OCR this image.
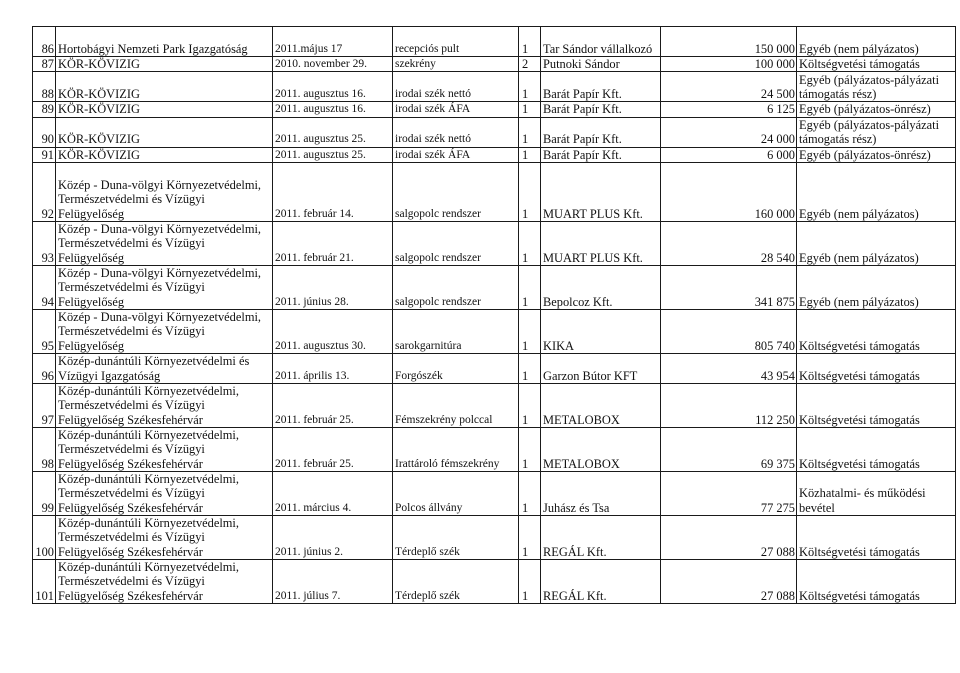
86	Hortobágyi Nemzeti Park Igazgatóság	2011.május 17	recepciós pult	1	Tar Sándor vállalkozó	150 000	Egyéb (nem pályázatos)
87	KÖR-KÖVIZIG	2010. november 29.	szekrény	2	Putnoki Sándor	100 000	Költségvetési támogatás
88	KÖR-KÖVIZIG	2011. augusztus 16.	irodai szék nettó	1	Barát Papír Kft.	24 500	Egyéb (pályázatos-pályázati támogatás rész)
89	KÖR-KÖVIZIG	2011. augusztus 16.	irodai szék ÁFA	1	Barát Papír Kft.	6 125	Egyéb (pályázatos-önrész)
90	KÖR-KÖVIZIG	2011. augusztus 25.	irodai szék nettó	1	Barát Papír Kft.	24 000	Egyéb (pályázatos-pályázati támogatás rész)
91	KÖR-KÖVIZIG	2011. augusztus 25.	irodai szék ÁFA	1	Barát Papír Kft.	6 000	Egyéb (pályázatos-önrész)
92	Közép - Duna-völgyi Környezetvédelmi, Természetvédelmi és Vízügyi Felügyelőség	2011. február 14.	salgopolc rendszer	1	MUART PLUS Kft.	160 000	Egyéb (nem pályázatos)
93	Közép - Duna-völgyi Környezetvédelmi, Természetvédelmi és Vízügyi Felügyelőség	2011. február 21.	salgopolc rendszer	1	MUART PLUS Kft.	28 540	Egyéb (nem pályázatos)
94	Közép - Duna-völgyi Környezetvédelmi, Természetvédelmi és Vízügyi Felügyelőség	2011. június 28.	salgopolc rendszer	1	Bepolcoz Kft.	341 875	Egyéb (nem pályázatos)
95	Közép - Duna-völgyi Környezetvédelmi, Természetvédelmi és Vízügyi Felügyelőség	2011. augusztus 30.	sarokgarnitúra	1	KIKA	805 740	Költségvetési támogatás
96	Közép-dunántúli Környezetvédelmi és Vízügyi Igazgatóság	2011. április 13.	Forgószék	1	Garzon Bútor KFT	43 954	Költségvetési támogatás
97	Közép-dunántúli Környezetvédelmi, Természetvédelmi és Vízügyi Felügyelőség Székesfehérvár	2011. február 25.	Fémszekrény polccal	1	METALOBOX	112 250	Költségvetési támogatás
98	Közép-dunántúli Környezetvédelmi, Természetvédelmi és Vízügyi Felügyelőség Székesfehérvár	2011. február 25.	Irattároló fémszekrény	1	METALOBOX	69 375	Költségvetési támogatás
99	Közép-dunántúli Környezetvédelmi, Természetvédelmi és Vízügyi Felügyelőség Székesfehérvár	2011. március 4.	Polcos állvány	1	Juhász és Tsa	77 275	Közhatalmi- és működési bevétel
100	Közép-dunántúli Környezetvédelmi, Természetvédelmi és Vízügyi Felügyelőség Székesfehérvár	2011. június 2.	Térdeplő szék	1	REGÁL Kft.	27 088	Költségvetési támogatás
101	Közép-dunántúli Környezetvédelmi, Természetvédelmi és Vízügyi Felügyelőség Székesfehérvár	2011. július 7.	Térdeplő szék	1	REGÁL Kft.	27 088	Költségvetési támogatás
